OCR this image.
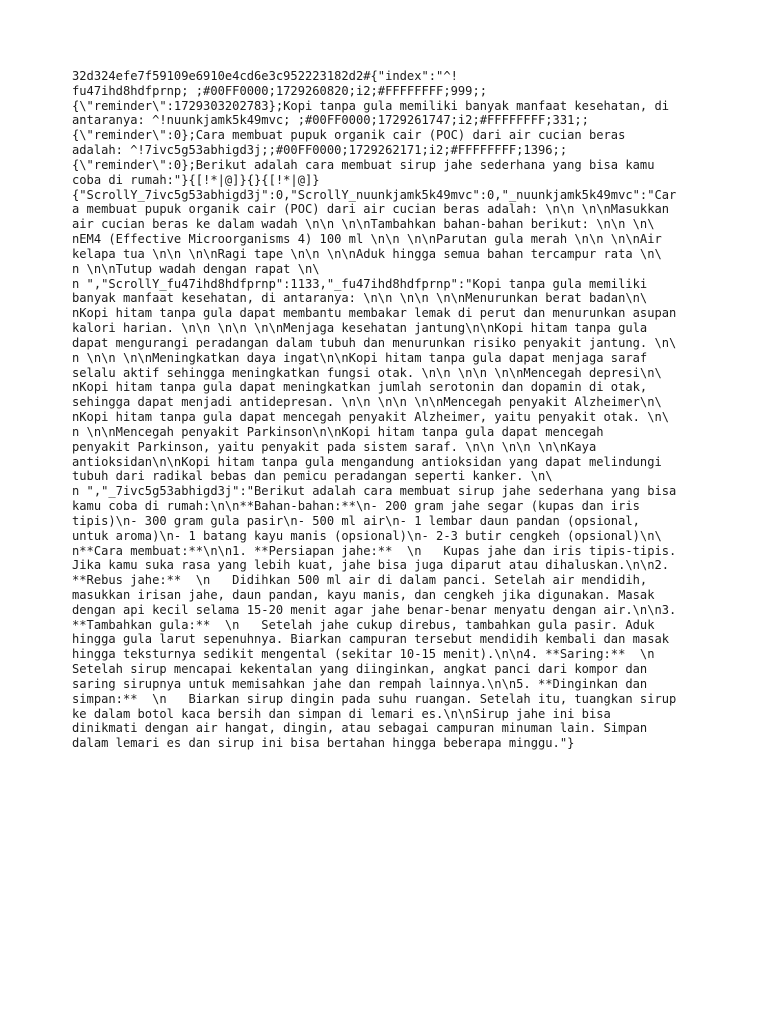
32d324efe7f59109e6910e4cd6e3c952223182d2#{"index":"^!
fu47ihd8hdfprnp; ;#00FF0000;1729260820;i2;#FFFFFFFF;999;;
{\"reminder\":1729303202783};Kopi tanpa gula memiliki banyak manfaat kesehatan, di
antaranya: ^!nuunkjamk5k49mvc; ;#00FF0000;1729261747;i2;#FFFFFFFF;331;;
{\"reminder\":0};Cara membuat pupuk organik cair (POC) dari air cucian beras
adalah: ^!7ivc5g53abhigd3j;;#00FF0000;1729262171;i2;#FFFFFFFF;1396;;
{\"reminder\":0};Berikut adalah cara membuat sirup jahe sederhana yang bisa kamu
coba di rumah:"}{[!*|@]}{}{[!*|@]}
{"ScrollY_7ivc5g53abhigd3j":0,"ScrollY_nuunkjamk5k49mvc":0,"_nuunkjamk5k49mvc":"Car
a membuat pupuk organik cair (POC) dari air cucian beras adalah: \n\n \n\nMasukkan
air cucian beras ke dalam wadah \n\n \n\nTambahkan bahan-bahan berikut: \n\n \n\
nEM4 (Effective Microorganisms 4) 100 ml \n\n \n\nParutan gula merah \n\n \n\nAir
kelapa tua \n\n \n\nRagi tape \n\n \n\nAduk hingga semua bahan tercampur rata \n\
n \n\nTutup wadah dengan rapat \n\
n ","ScrollY_fu47ihd8hdfprnp":1133,"_fu47ihd8hdfprnp":"Kopi tanpa gula memiliki
banyak manfaat kesehatan, di antaranya: \n\n \n\n \n\nMenurunkan berat badan\n\
nKopi hitam tanpa gula dapat membantu membakar lemak di perut dan menurunkan asupan
kalori harian. \n\n \n\n \n\nMenjaga kesehatan jantung\n\nKopi hitam tanpa gula
dapat mengurangi peradangan dalam tubuh dan menurunkan risiko penyakit jantung. \n\
n \n\n \n\nMeningkatkan daya ingat\n\nKopi hitam tanpa gula dapat menjaga saraf
selalu aktif sehingga meningkatkan fungsi otak. \n\n \n\n \n\nMencegah depresi\n\
nKopi hitam tanpa gula dapat meningkatkan jumlah serotonin dan dopamin di otak,
sehingga dapat menjadi antidepresan. \n\n \n\n \n\nMencegah penyakit Alzheimer\n\
nKopi hitam tanpa gula dapat mencegah penyakit Alzheimer, yaitu penyakit otak. \n\
n \n\nMencegah penyakit Parkinson\n\nKopi hitam tanpa gula dapat mencegah
penyakit Parkinson, yaitu penyakit pada sistem saraf. \n\n \n\n \n\nKaya
antioksidan\n\nKopi hitam tanpa gula mengandung antioksidan yang dapat melindungi
tubuh dari radikal bebas dan pemicu peradangan seperti kanker. \n\
n ","_7ivc5g53abhigd3j":"Berikut adalah cara membuat sirup jahe sederhana yang bisa
kamu coba di rumah:\n\n**Bahan-bahan:**\n- 200 gram jahe segar (kupas dan iris
tipis)\n- 300 gram gula pasir\n- 500 ml air\n- 1 lembar daun pandan (opsional,
untuk aroma)\n- 1 batang kayu manis (opsional)\n- 2-3 butir cengkeh (opsional)\n\
n**Cara membuat:**\n\n1. **Persiapan jahe:**  \n   Kupas jahe dan iris tipis-tipis.
Jika kamu suka rasa yang lebih kuat, jahe bisa juga diparut atau dihaluskan.\n\n2.
**Rebus jahe:**  \n   Didihkan 500 ml air di dalam panci. Setelah air mendidih,
masukkan irisan jahe, daun pandan, kayu manis, dan cengkeh jika digunakan. Masak
dengan api kecil selama 15-20 menit agar jahe benar-benar menyatu dengan air.\n\n3.
**Tambahkan gula:**  \n   Setelah jahe cukup direbus, tambahkan gula pasir. Aduk
hingga gula larut sepenuhnya. Biarkan campuran tersebut mendidih kembali dan masak
hingga teksturnya sedikit mengental (sekitar 10-15 menit).\n\n4. **Saring:**  \n
Setelah sirup mencapai kekentalan yang diinginkan, angkat panci dari kompor dan
saring sirupnya untuk memisahkan jahe dan rempah lainnya.\n\n5. **Dinginkan dan
simpan:**  \n   Biarkan sirup dingin pada suhu ruangan. Setelah itu, tuangkan sirup
ke dalam botol kaca bersih dan simpan di lemari es.\n\nSirup jahe ini bisa
dinikmati dengan air hangat, dingin, atau sebagai campuran minuman lain. Simpan
dalam lemari es dan sirup ini bisa bertahan hingga beberapa minggu."}
